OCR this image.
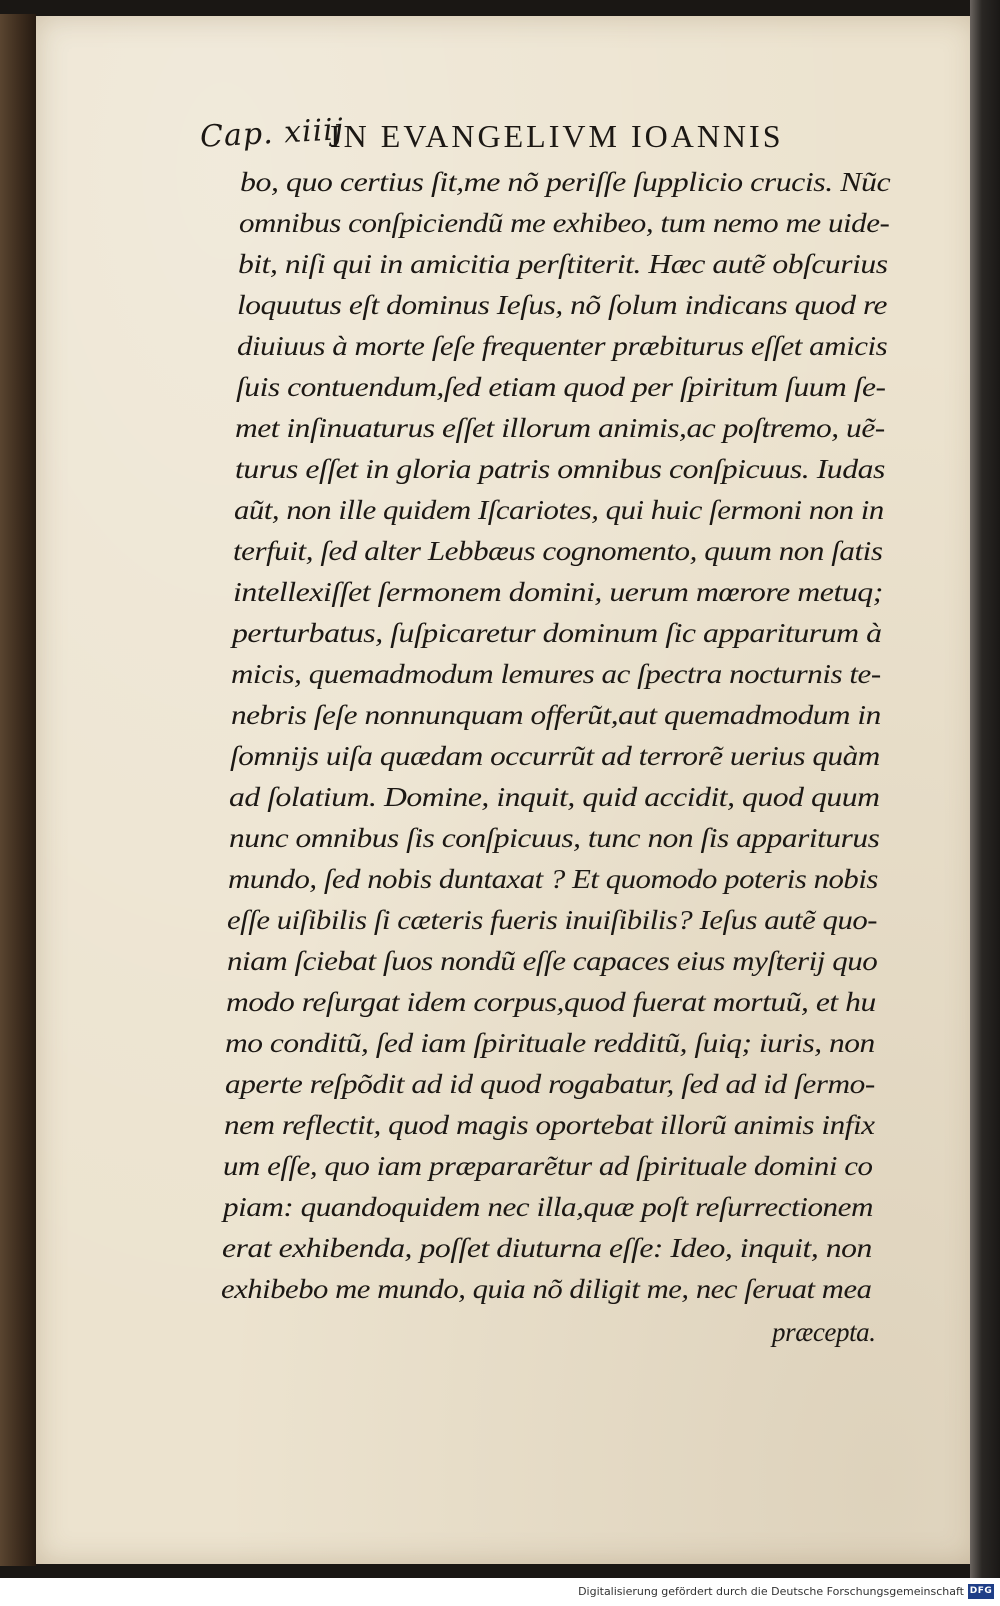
Cap. xiiij
IN EVANGELIVM IOANNIS
bo, quo certius ſit,me nõ periſſe ſupplicio crucis. Nũc
omnibus conſpiciendũ me exhibeo, tum nemo me uide-
bit, niſi qui in amicitia perſtiterit. Hæc autẽ obſcurius
loquutus eſt dominus Ieſus, nõ ſolum indicans quod re
diuiuus à morte ſeſe frequenter præbiturus eſſet amicis
ſuis contuendum,ſed etiam quod per ſpiritum ſuum ſe-
met inſinuaturus eſſet illorum animis,ac poſtremo, uẽ-
turus eſſet in gloria patris omnibus conſpicuus. Iudas
aũt, non ille quidem Iſcariotes, qui huic ſermoni non in
terfuit, ſed alter Lebbæus cognomento, quum non ſatis
intellexiſſet ſermonem domini, uerum mœrore metuq;
perturbatus, ſuſpicaretur dominum ſic appariturum à
micis, quemadmodum lemures ac ſpectra nocturnis te-
nebris ſeſe nonnunquam offerũt,aut quemadmodum in
ſomnijs uiſa quædam occurrũt ad terrorẽ uerius quàm
ad ſolatium. Domine, inquit, quid accidit, quod quum
nunc omnibus ſis conſpicuus, tunc non ſis appariturus
mundo, ſed nobis duntaxat ? Et quomodo poteris nobis
eſſe uiſibilis ſi cæteris fueris inuiſibilis? Ieſus autẽ quo-
niam ſciebat ſuos nondũ eſſe capaces eius myſterij quo
modo reſurgat idem corpus,quod fuerat mortuũ, et hu
mo conditũ, ſed iam ſpirituale redditũ, ſuiq; iuris, non
aperte reſpõdit ad id quod rogabatur, ſed ad id ſermo-
nem reflectit, quod magis oportebat illorũ animis infix
um eſſe, quo iam præpararẽtur ad ſpirituale domini co
piam: quandoquidem nec illa,quæ poſt reſurrectionem
erat exhibenda, poſſet diuturna eſſe: Ideo, inquit, non
exhibebo me mundo, quia nõ diligit me, nec ſeruat mea
præcepta.
Digitalisierung gefördert durch die Deutsche Forschungsgemeinschaft DFG
